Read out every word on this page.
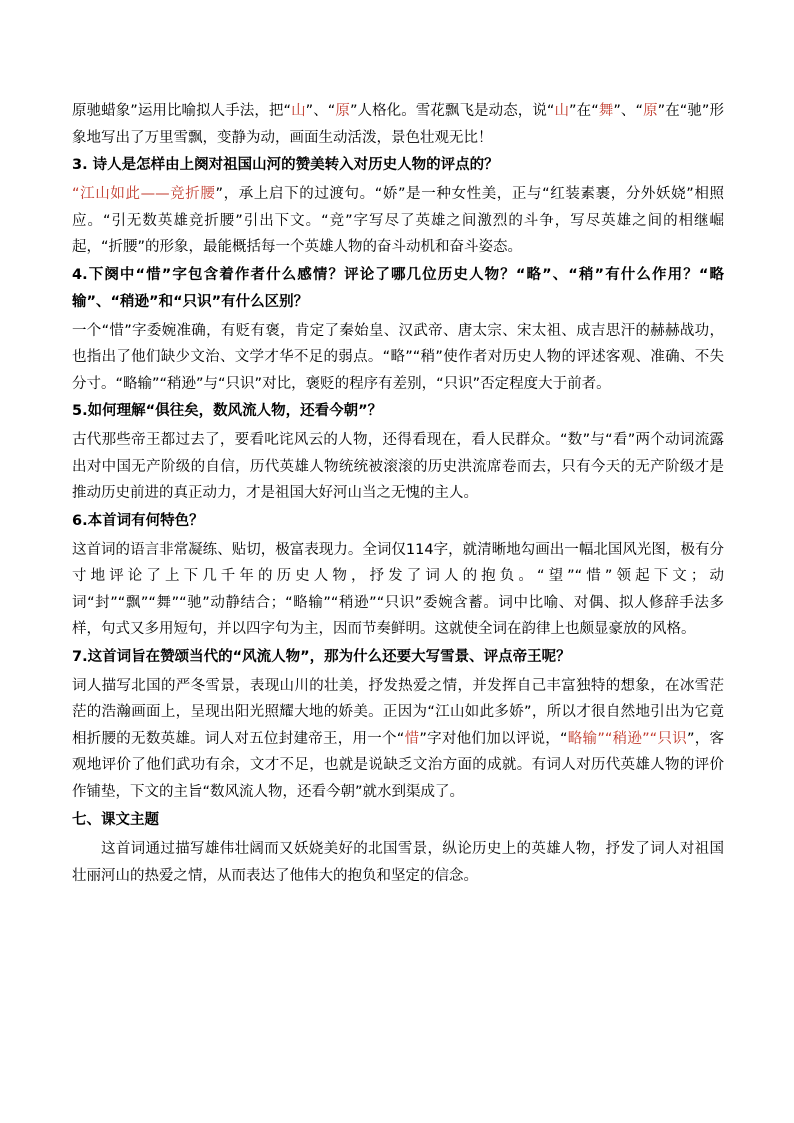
原驰蜡象”运用比喻拟人手法，把“山”、“原”人格化。雪花飘飞是动态，说“山”在“舞”、“原”在“驰”形象地写出了万里雪飘，变静为动，画面生动活泼，景色壮观无比！

3. 诗人是怎样由上阕对祖国山河的赞美转入对历史人物的评点的？

“江山如此——竞折腰”，承上启下的过渡句。“娇”是一种女性美，正与“红装素裹，分外妖娆”相照应。“引无数英雄竞折腰”引出下文。“竞”字写尽了英雄之间激烈的斗争，写尽英雄之间的相继崛起，“折腰”的形象，最能概括每一个英雄人物的奋斗动机和奋斗姿态。

4.下阕中“惜”字包含着作者什么感情？评论了哪几位历史人物？“略”、“稍”有什么作用？“略输”、“稍逊”和“只识”有什么区别？

一个“惜”字委婉准确，有贬有褒，肯定了秦始皇、汉武帝、唐太宗、宋太祖、成吉思汗的赫赫战功，也指出了他们缺少文治、文学才华不足的弱点。“略”“稍”使作者对历史人物的评述客观、准确、不失分寸。“略输”“稍逊”与“只识”对比，褒贬的程序有差别，“只识”否定程度大于前者。

5.如何理解“俱往矣，数风流人物，还看今朝”？

古代那些帝王都过去了，要看叱诧风云的人物，还得看现在，看人民群众。“数”与“看”两个动词流露出对中国无产阶级的自信，历代英雄人物统统被滚滚的历史洪流席卷而去，只有今天的无产阶级才是推动历史前进的真正动力，才是祖国大好河山当之无愧的主人。

6.本首词有何特色？

这首词的语言非常凝练、贴切，极富表现力。全词仅114字，就清晰地勾画出一幅北国风光图，极有分寸地评论了上下几千年的历史人物，抒发了词人的抱负。“望”“惜”领起下文；动词“封”“飘”“舞”“驰”动静结合；“略输”“稍逊”“只识”委婉含蓄。词中比喻、对偶、拟人修辞手法多样，句式又多用短句，并以四字句为主，因而节奏鲜明。这就使全词在韵律上也颇显豪放的风格。

7.这首词旨在赞颂当代的“风流人物”，那为什么还要大写雪景、评点帝王呢？

词人描写北国的严冬雪景，表现山川的壮美，抒发热爱之情，并发挥自己丰富独特的想象，在冰雪茫茫的浩瀚画面上，呈现出阳光照耀大地的娇美。正因为“江山如此多娇”，所以才很自然地引出为它竟相折腰的无数英雄。词人对五位封建帝王，用一个“惜”字对他们加以评说，“略输”“稍逊”“只识”，客观地评价了他们武功有余，文才不足，也就是说缺乏文治方面的成就。有词人对历代英雄人物的评价作铺垫，下文的主旨“数风流人物，还看今朝”就水到渠成了。

七、课文主题

这首词通过描写雄伟壮阔而又妖娆美好的北国雪景，纵论历史上的英雄人物，抒发了词人对祖国壮丽河山的热爱之情，从而表达了他伟大的抱负和坚定的信念。
